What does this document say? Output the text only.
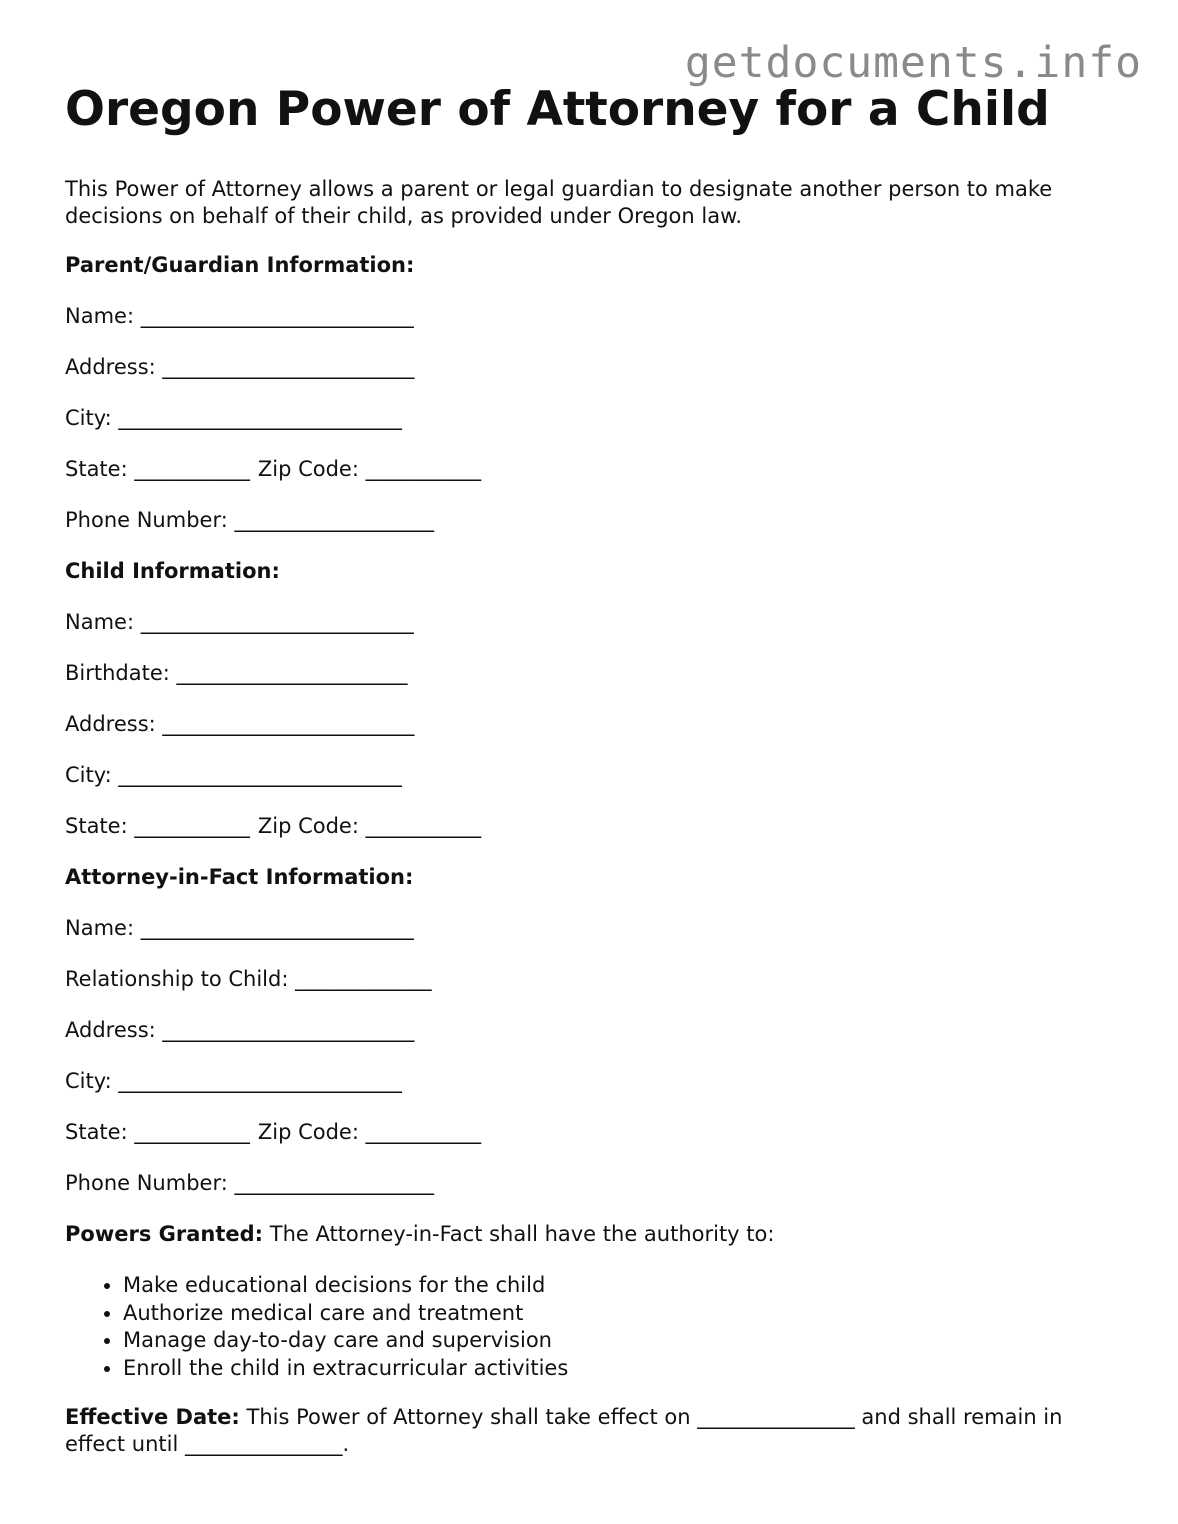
getdocuments.info
Oregon Power of Attorney for a Child

This Power of Attorney allows a parent or legal guardian to designate another person to make decisions on behalf of their child, as provided under Oregon law.

Parent/Guardian Information:
Name: __________________________
Address: ________________________
City: ___________________________
State: ___________ Zip Code: ___________
Phone Number: ___________________
Child Information:
Name: __________________________
Birthdate: ______________________
Address: ________________________
City: ___________________________
State: ___________ Zip Code: ___________
Attorney-in-Fact Information:
Name: __________________________
Relationship to Child: _____________
Address: ________________________
City: ___________________________
State: ___________ Zip Code: ___________
Phone Number: ___________________
Powers Granted: The Attorney-in-Fact shall have the authority to:
• Make educational decisions for the child
• Authorize medical care and treatment
• Manage day-to-day care and supervision
• Enroll the child in extracurricular activities

Effective Date: This Power of Attorney shall take effect on _______________ and shall remain in effect until _______________.
